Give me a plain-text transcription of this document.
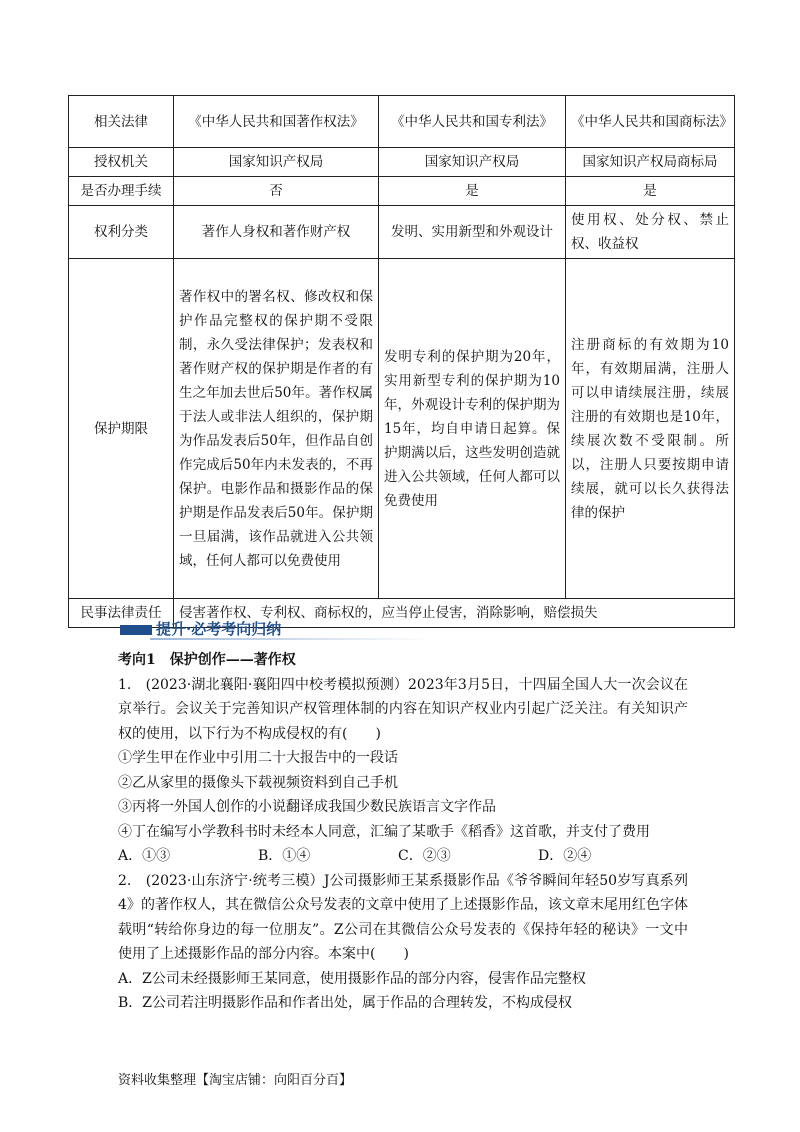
相关法律	《中华人民共和国著作权法》	《中华人民共和国专利法》	《中华人民共和国商标法》
授权机关	国家知识产权局	国家知识产权局	国家知识产权局商标局
是否办理手续	否	是	是
权利分类	著作人身权和著作财产权	发明、实用新型和外观设计	使用权、处分权、禁止权、收益权
保护期限	著作权中的署名权、修改权和保护作品完整权的保护期不受限制，永久受法律保护；发表权和著作财产权的保护期是作者的有生之年加去世后50年。著作权属于法人或非法人组织的，保护期为作品发表后50年，但作品自创作完成后50年内未发表的，不再保护。电影作品和摄影作品的保护期是作品发表后50年。保护期一旦届满，该作品就进入公共领域，任何人都可以免费使用	发明专利的保护期为20年，实用新型专利的保护期为10年，外观设计专利的保护期为15年，均自申请日起算。保护期满以后，这些发明创造就进入公共领域，任何人都可以免费使用	注册商标的有效期为10年，有效期届满，注册人可以申请续展注册，续展注册的有效期也是10年，续展次数不受限制。所以，注册人只要按期申请续展，就可以长久获得法律的保护
民事法律责任	侵害著作权、专利权、商标权的，应当停止侵害，消除影响，赔偿损失		
提升·必考考向归纳

考向1　保护创作——著作权

1.　(2023·湖北襄阳·襄阳四中校考模拟预测）2023年3月5日，十四届全国人大一次会议在京举行。会议关于完善知识产权管理体制的内容在知识产权业内引起广泛关注。有关知识产权的使用，以下行为不构成侵权的有(　　)

①学生甲在作业中引用二十大报告中的一段话

②乙从家里的摄像头下载视频资料到自己手机

③丙将一外国人创作的小说翻译成我国少数民族语言文字作品

④丁在编写小学教科书时未经本人同意，汇编了某歌手《稻香》这首歌，并支付了费用

A．①③	B．①④	C．②③	D．②④

2.　(2023·山东济宁·统考三模）J公司摄影师王某系摄影作品《爷爷瞬间年轻50岁写真系列4》的著作权人，其在微信公众号发表的文章中使用了上述摄影作品，该文章末尾用红色字体载明“转给你身边的每一位朋友”。Z公司在其微信公众号发表的《保持年轻的秘诀》一文中使用了上述摄影作品的部分内容。本案中(　　)

A．Z公司未经摄影师王某同意，使用摄影作品的部分内容，侵害作品完整权

B．Z公司若注明摄影作品和作者出处，属于作品的合理转发，不构成侵权

资料收集整理【淘宝店铺：向阳百分百】
